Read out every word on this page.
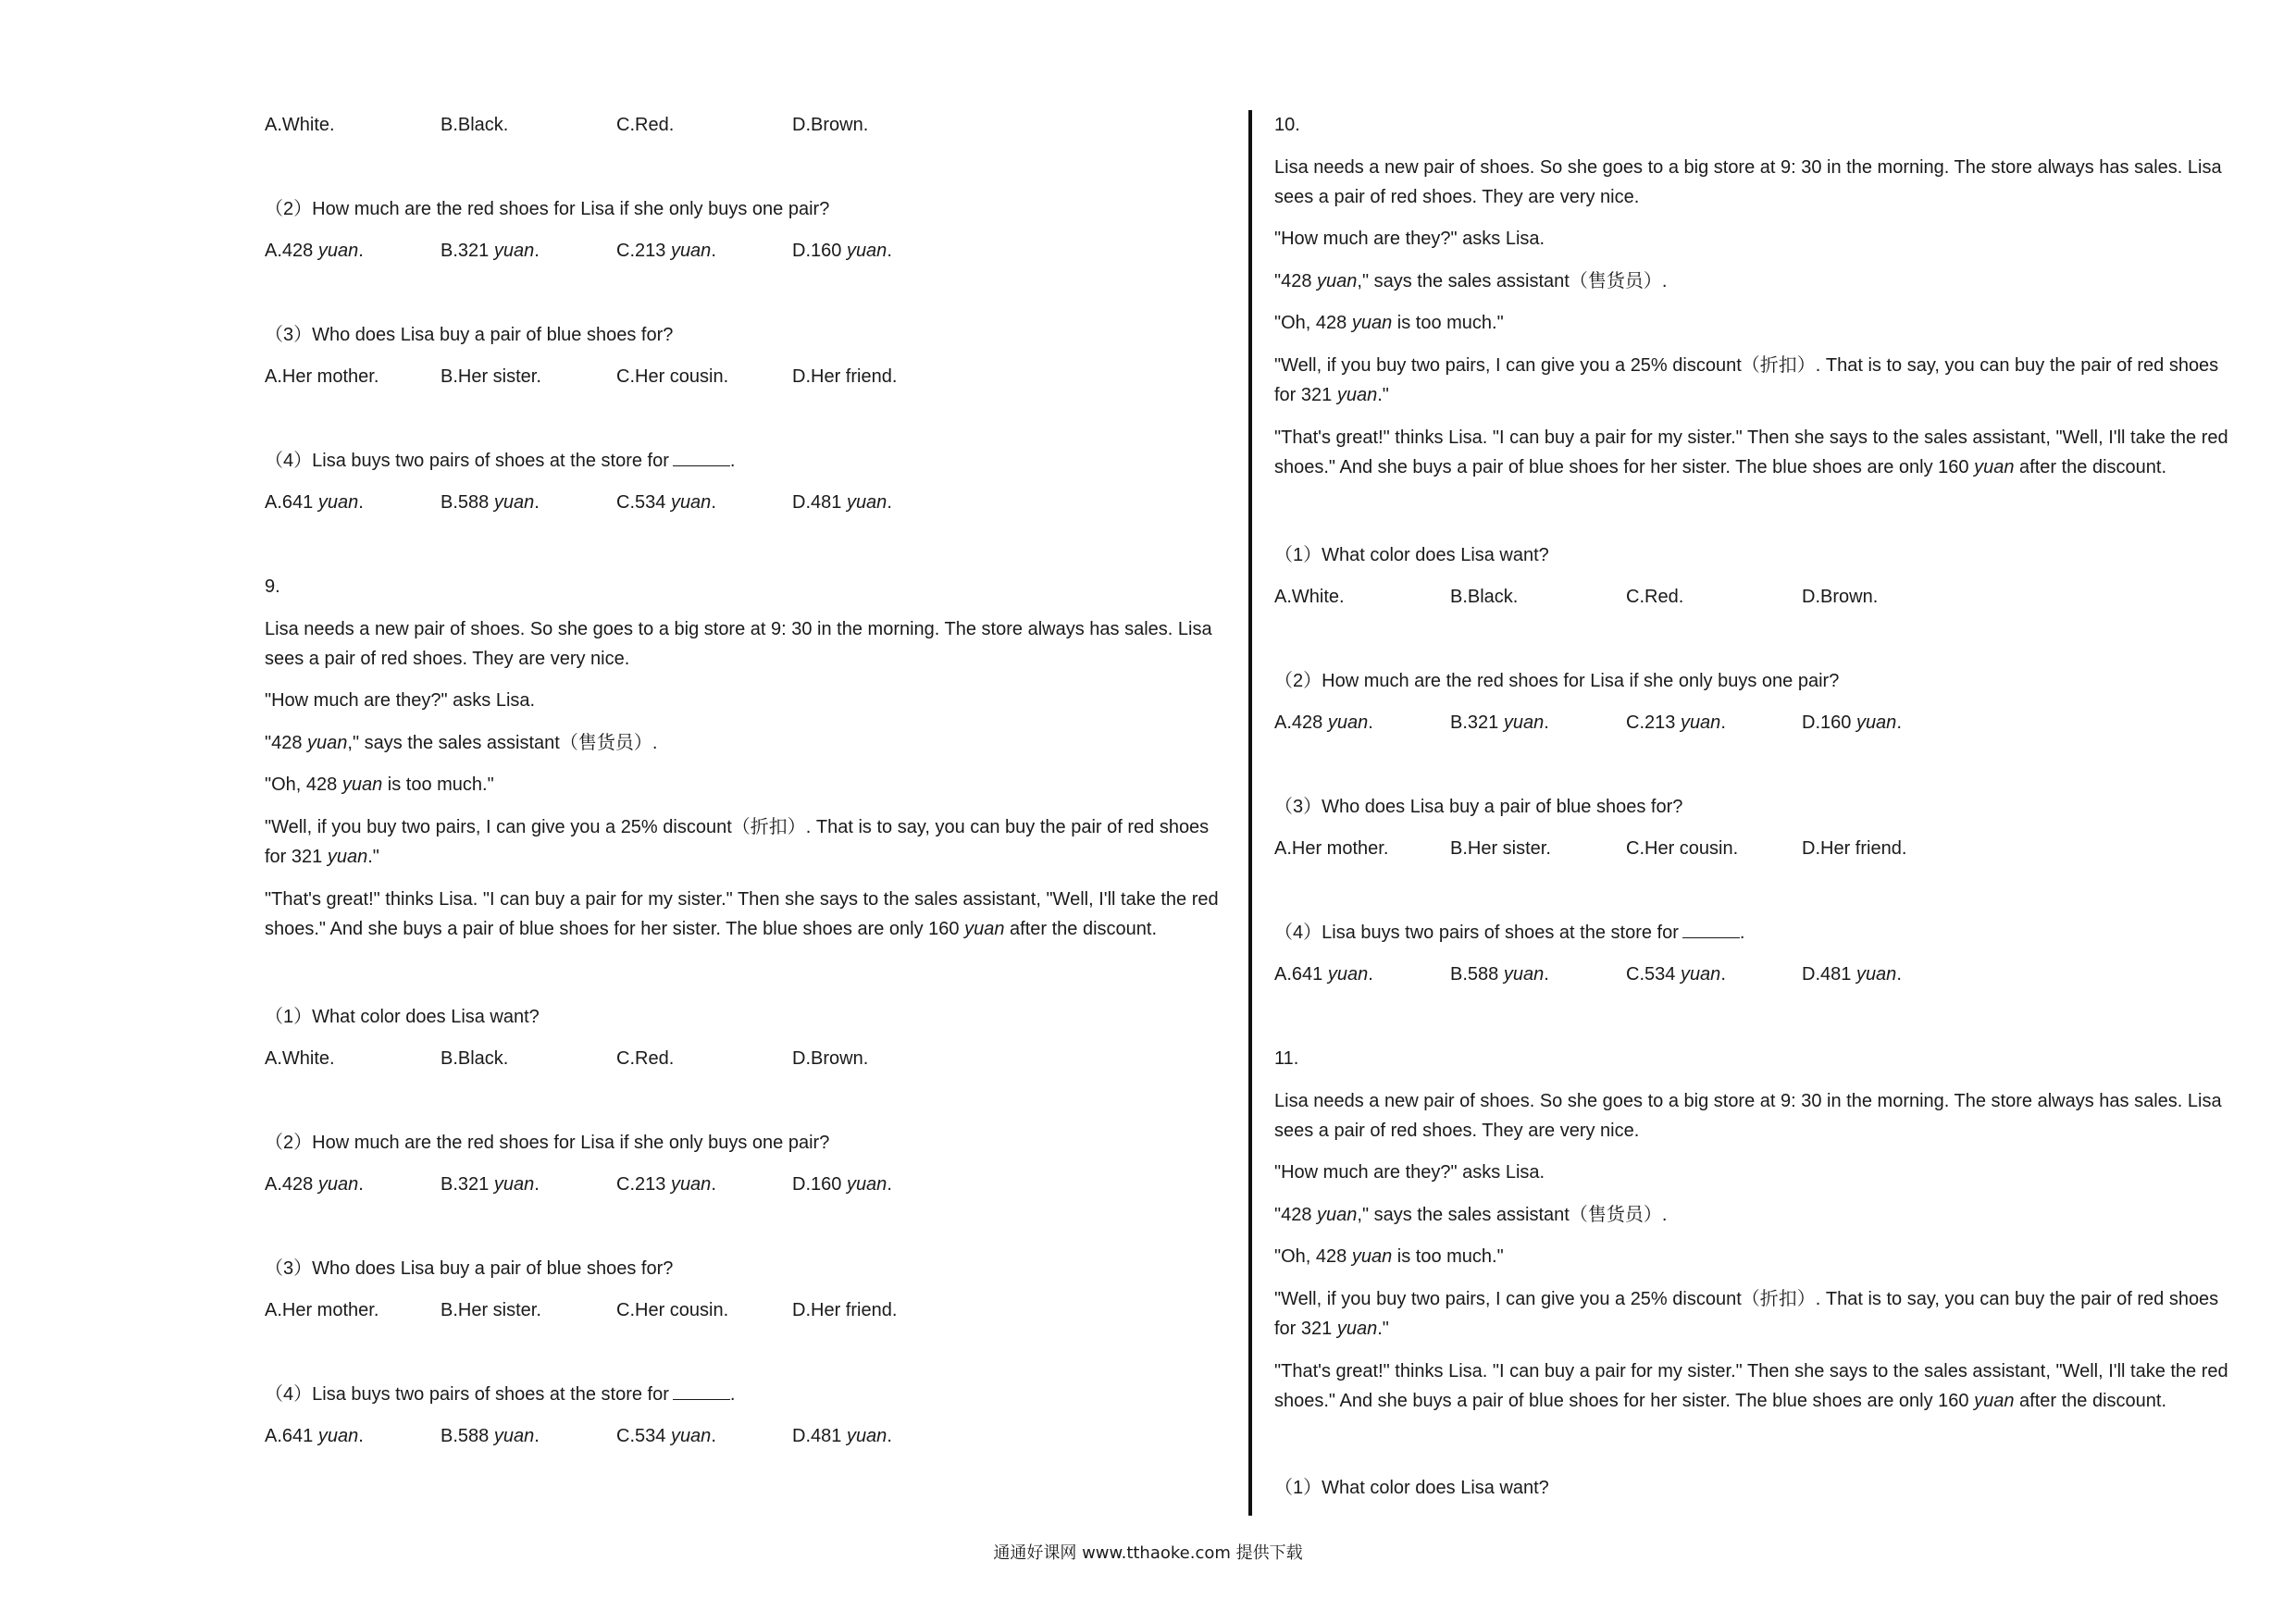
A.White.	B.Black.	C.Red.	D.Brown.
（2）How much are the red shoes for Lisa if she only buys one pair?
A.428 yuan.	B.321 yuan.	C.213 yuan.	D.160 yuan.
（3）Who does Lisa buy a pair of blue shoes for?
A.Her mother.	B.Her sister.	C.Her cousin.	D.Her friend.
（4）Lisa buys two pairs of shoes at the store for	.
A.641 yuan.	B.588 yuan.	C.534 yuan.	D.481 yuan.
9.
Lisa needs a new pair of shoes. So she goes to a big store at 9: 30 in the morning. The store always has sales. Lisa sees a pair of red shoes. They are very nice.
"How much are they?" asks Lisa.
"428 yuan," says the sales assistant（售货员）.
"Oh, 428 yuan is too much."
"Well, if you buy two pairs, I can give you a 25% discount（折扣）. That is to say, you can buy the pair of red shoes for 321 yuan."
"That's great!" thinks Lisa. "I can buy a pair for my sister." Then she says to the sales assistant, "Well, I'll take the red shoes." And she buys a pair of blue shoes for her sister. The blue shoes are only 160 yuan after the discount.
（1）What color does Lisa want?
A.White.	B.Black.	C.Red.	D.Brown.
（2）How much are the red shoes for Lisa if she only buys one pair?
A.428 yuan.	B.321 yuan.	C.213 yuan.	D.160 yuan.
（3）Who does Lisa buy a pair of blue shoes for?
A.Her mother.	B.Her sister.	C.Her cousin.	D.Her friend.
（4）Lisa buys two pairs of shoes at the store for	.
A.641 yuan.	B.588 yuan.	C.534 yuan.	D.481 yuan.
10.
Lisa needs a new pair of shoes. So she goes to a big store at 9: 30 in the morning. The store always has sales. Lisa sees a pair of red shoes. They are very nice.
"How much are they?" asks Lisa.
"428 yuan," says the sales assistant（售货员）.
"Oh, 428 yuan is too much."
"Well, if you buy two pairs, I can give you a 25% discount（折扣）. That is to say, you can buy the pair of red shoes for 321 yuan."
"That's great!" thinks Lisa. "I can buy a pair for my sister." Then she says to the sales assistant, "Well, I'll take the red shoes." And she buys a pair of blue shoes for her sister. The blue shoes are only 160 yuan after the discount.
（1）What color does Lisa want?
A.White.	B.Black.	C.Red.	D.Brown.
（2）How much are the red shoes for Lisa if she only buys one pair?
A.428 yuan.	B.321 yuan.	C.213 yuan.	D.160 yuan.
（3）Who does Lisa buy a pair of blue shoes for?
A.Her mother.	B.Her sister.	C.Her cousin.	D.Her friend.
（4）Lisa buys two pairs of shoes at the store for	.
A.641 yuan.	B.588 yuan.	C.534 yuan.	D.481 yuan.
11.
Lisa needs a new pair of shoes. So she goes to a big store at 9: 30 in the morning. The store always has sales. Lisa sees a pair of red shoes. They are very nice.
"How much are they?" asks Lisa.
"428 yuan," says the sales assistant（售货员）.
"Oh, 428 yuan is too much."
"Well, if you buy two pairs, I can give you a 25% discount（折扣）. That is to say, you can buy the pair of red shoes for 321 yuan."
"That's great!" thinks Lisa. "I can buy a pair for my sister." Then she says to the sales assistant, "Well, I'll take the red shoes." And she buys a pair of blue shoes for her sister. The blue shoes are only 160 yuan after the discount.
（1）What color does Lisa want?
通通好课网 www.tthaoke.com 提供下载
